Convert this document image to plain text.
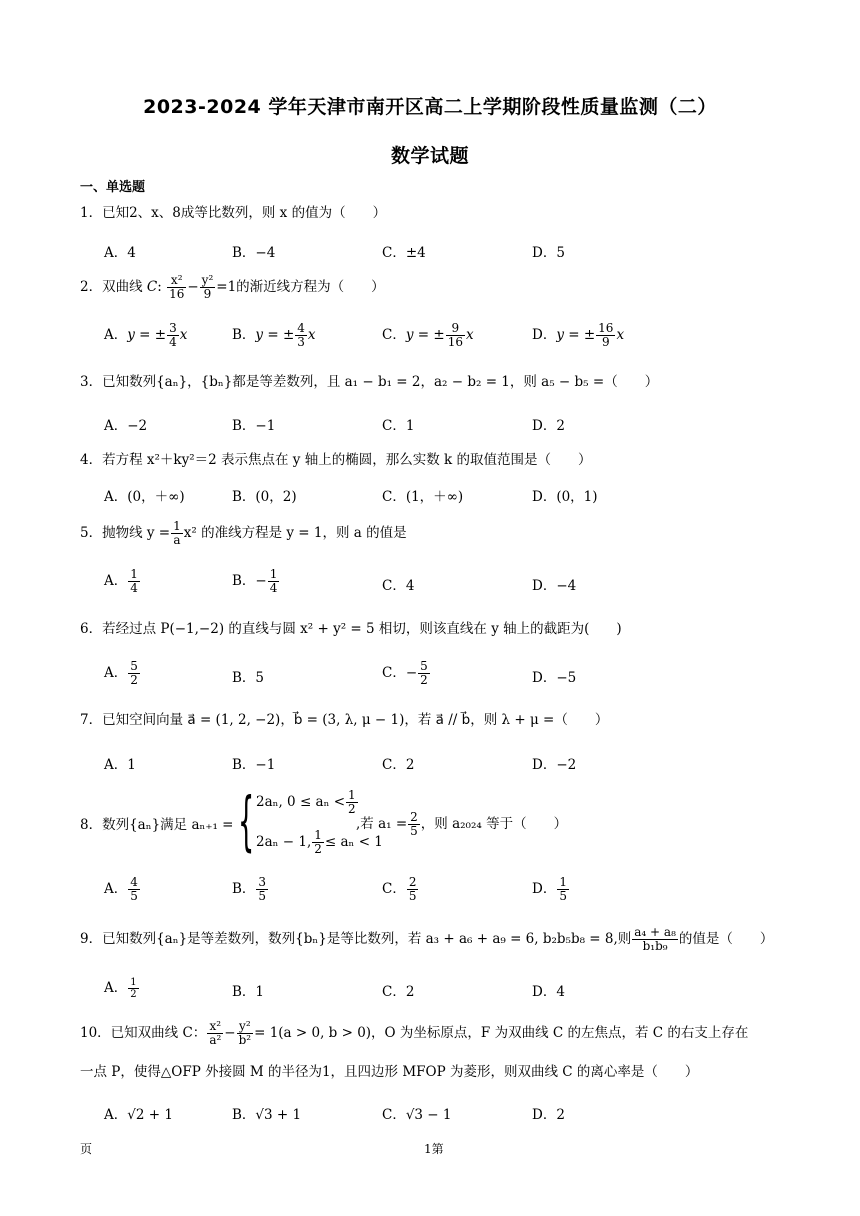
2023-2024 学年天津市南开区高二上学期阶段性质量监测（二）
数学试题
一、单选题
1．已知2、x、8成等比数列，则 x 的值为（　　）
A．4	B．−4	C．±4	D．5
2．双曲线 C: $\frac{\text{x²}}{16} - \frac{\text{y²}}{9} =1$的渐近线方程为（　　）
A．y = ± $\frac{3}{4}$ x	B．y = ± $\frac{4}{3}$ x	C．y = ± $\frac{9}{16}$ x	D．y = ± $\frac{16}{9}$ x
3．已知数列{aₙ}，{bₙ}都是等差数列，且 a₁ − b₁ = 2，a₂ − b₂ = 1，则 a₅ − b₅ =（　　）
A．−2	B．−1	C．1	D．2
4．若方程 x²＋ky²＝2 表示焦点在 y 轴上的椭圆，那么实数 k 的取值范围是（　　）
A．(0，＋∞)	B．(0，2)	C．(1，＋∞)	D．(0，1)
5．抛物线 $y = \frac{1}{a} x^2$ 的准线方程是 y = 1，则 a 的值是
A． $\frac{1}{4}$	B．− $\frac{1}{4}$	C．4	D．−4
6．若经过点 P(−1,−2) 的直线与圆 x² + y² = 5 相切，则该直线在 y 轴上的截距为(　　)
A． $\frac{5}{2}$	B．5	C．− $\frac{5}{2}$	D．−5
7．已知空间向量 a⃗ = (1, 2, −2)，b⃗ = (3, λ, μ − 1)，若 a⃗ // b⃗，则 λ + μ =（　　）
A．1	B．−1	C．2	D．−2
8．数列{aₙ}满足 aₙ₊₁ = { 2aₙ, $0 \le a_n < \frac{1}{2}$
2aₙ − 1, $\frac{1}{2} \le a_n < 1$
,若 $a_1 = \frac{2}{5}$ ，则 a₂₀₂₄ 等于（　　）
A． $\frac{4}{5}$	B． $\frac{3}{5}$	C． $\frac{2}{5}$	D． $\frac{1}{5}$
9．已知数列{aₙ}是等差数列，数列{bₙ}是等比数列，若 a₃ + a₆ + a₉ = 6, b₂b₅b₈ = 8,则 $\frac{\text{a₄ + a₈}}{\text{b₁b₉}}$ 的值是（　　）
A． $\frac{1}{2}$	B．1	C．2	D．4
10．已知双曲线 C： $\frac{\text{x²}}{\text{a²}} - \frac{\text{y²}}{\text{b²}} = 1(a > 0$, b > 0)，O 为坐标原点，F 为双曲线 C 的左焦点，若 C 的右支上存在
一点 P，使得△OFP 外接圆 M 的半径为1，且四边形 MFOP 为菱形，则双曲线 C 的离心率是（　　）
A．√2 + 1	B．√3 + 1	C．√3 − 1	D．2
页	1第
